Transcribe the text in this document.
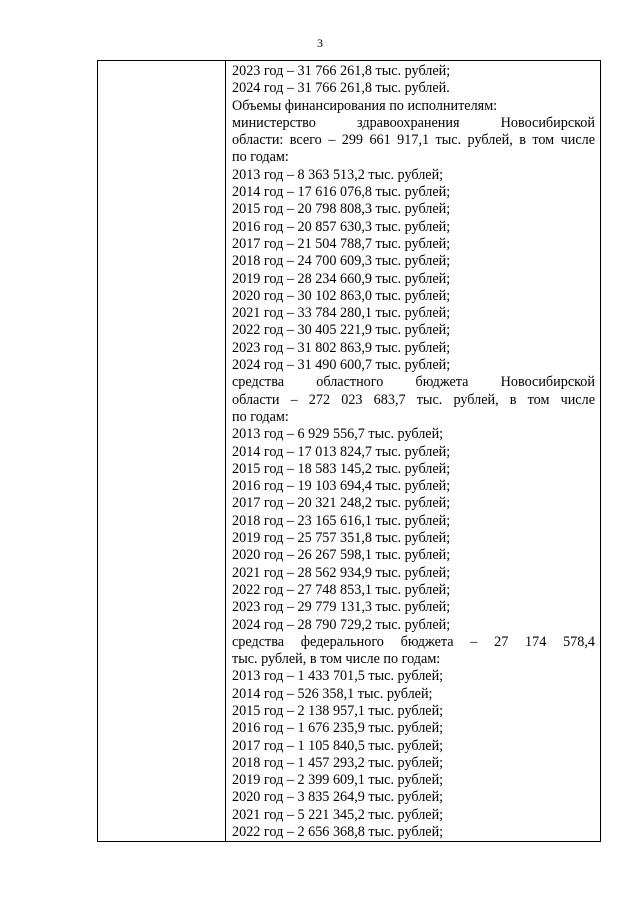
3
2023 год – 31 766 261,8 тыс. рублей;
2024 год – 31 766 261,8 тыс. рублей.
Объемы финансирования по исполнителям:
министерство здравоохранения Новосибирской
области: всего – 299 661 917,1 тыс. рублей, в том числе
по годам:
2013 год – 8 363 513,2 тыс. рублей;
2014 год – 17 616 076,8 тыс. рублей;
2015 год – 20 798 808,3 тыс. рублей;
2016 год – 20 857 630,3 тыс. рублей;
2017 год – 21 504 788,7 тыс. рублей;
2018 год – 24 700 609,3 тыс. рублей;
2019 год – 28 234 660,9 тыс. рублей;
2020 год – 30 102 863,0 тыс. рублей;
2021 год – 33 784 280,1 тыс. рублей;
2022 год – 30 405 221,9 тыс. рублей;
2023 год – 31 802 863,9 тыс. рублей;
2024 год – 31 490 600,7 тыс. рублей;
средства областного бюджета Новосибирской
области – 272 023 683,7 тыс. рублей, в том числе
по годам:
2013 год – 6 929 556,7 тыс. рублей;
2014 год – 17 013 824,7 тыс. рублей;
2015 год – 18 583 145,2 тыс. рублей;
2016 год – 19 103 694,4 тыс. рублей;
2017 год – 20 321 248,2 тыс. рублей;
2018 год – 23 165 616,1 тыс. рублей;
2019 год – 25 757 351,8 тыс. рублей;
2020 год – 26 267 598,1 тыс. рублей;
2021 год – 28 562 934,9 тыс. рублей;
2022 год – 27 748 853,1 тыс. рублей;
2023 год – 29 779 131,3 тыс. рублей;
2024 год – 28 790 729,2 тыс. рублей;
средства федерального бюджета – 27 174 578,4
тыс. рублей, в том числе по годам:
2013 год – 1 433 701,5 тыс. рублей;
2014 год – 526 358,1 тыс. рублей;
2015 год – 2 138 957,1 тыс. рублей;
2016 год – 1 676 235,9 тыс. рублей;
2017 год – 1 105 840,5 тыс. рублей;
2018 год – 1 457 293,2 тыс. рублей;
2019 год – 2 399 609,1 тыс. рублей;
2020 год – 3 835 264,9 тыс. рублей;
2021 год – 5 221 345,2 тыс. рублей;
2022 год – 2 656 368,8 тыс. рублей;
